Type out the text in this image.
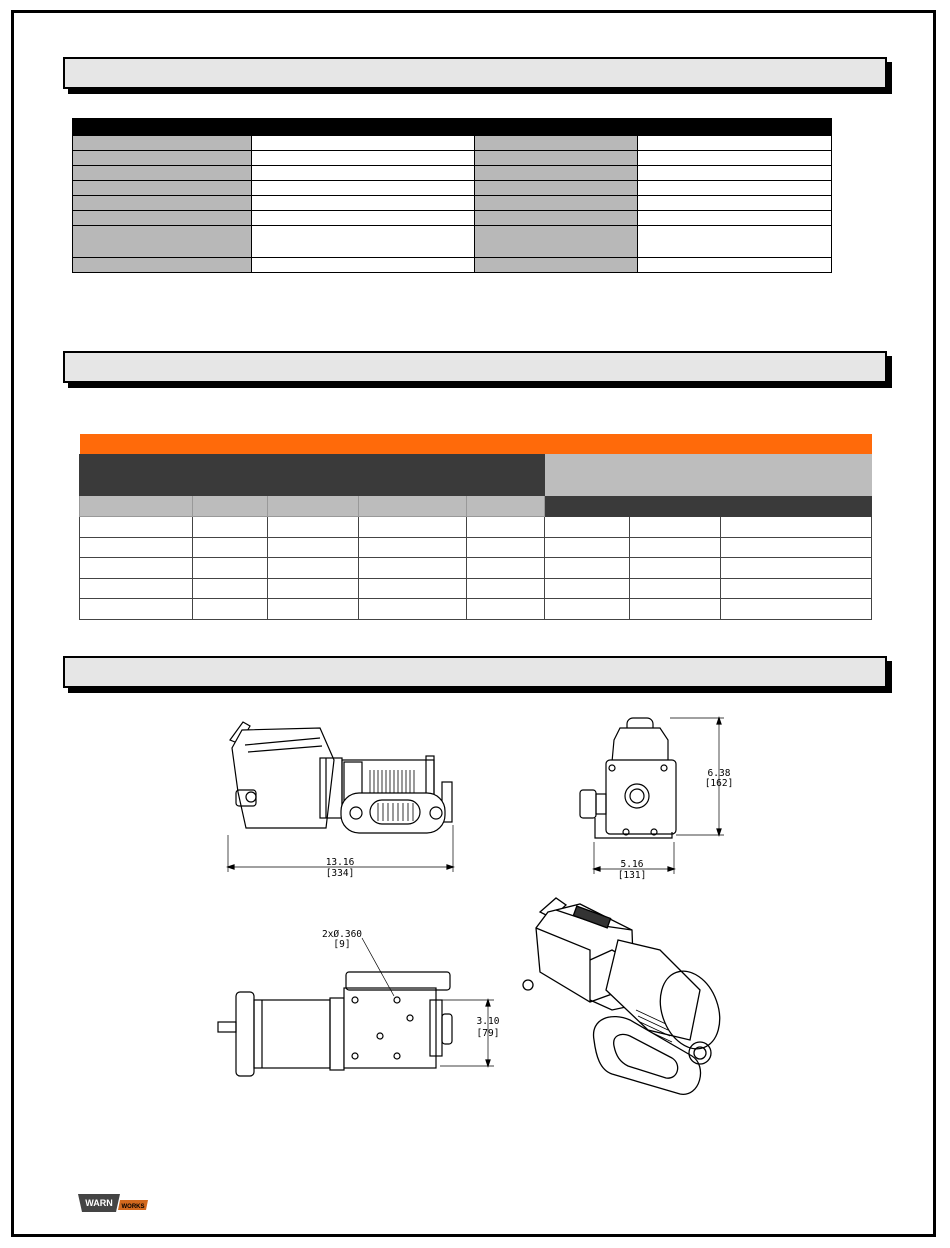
13.16
[334]
6.38
[162]
5.16
[131]
2xØ.360
[9]
3.10
[79]
WARN WORKS
